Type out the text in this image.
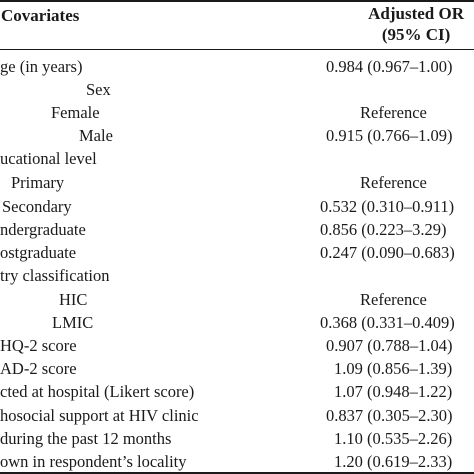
Covariates	Adjusted OR
(95% CI)
ge (in years)	0.984 (0.967–1.00)
Sex
Female	Reference
Male	0.915 (0.766–1.09)
ucational level
Primary	Reference
Secondary	0.532 (0.310–0.911)
ndergraduate	0.856 (0.223–3.29)
ostgraduate	0.247 (0.090–0.683)
try classification
HIC	Reference
LMIC	0.368 (0.331–0.409)
HQ-2 score	0.907 (0.788–1.04)
AD-2 score	1.09 (0.856–1.39)
cted at hospital (Likert score)	1.07 (0.948–1.22)
hosocial support at HIV clinic	0.837 (0.305–2.30)
during the past 12 months	1.10 (0.535–2.26)
own in respondent’s locality	1.20 (0.619–2.33)
